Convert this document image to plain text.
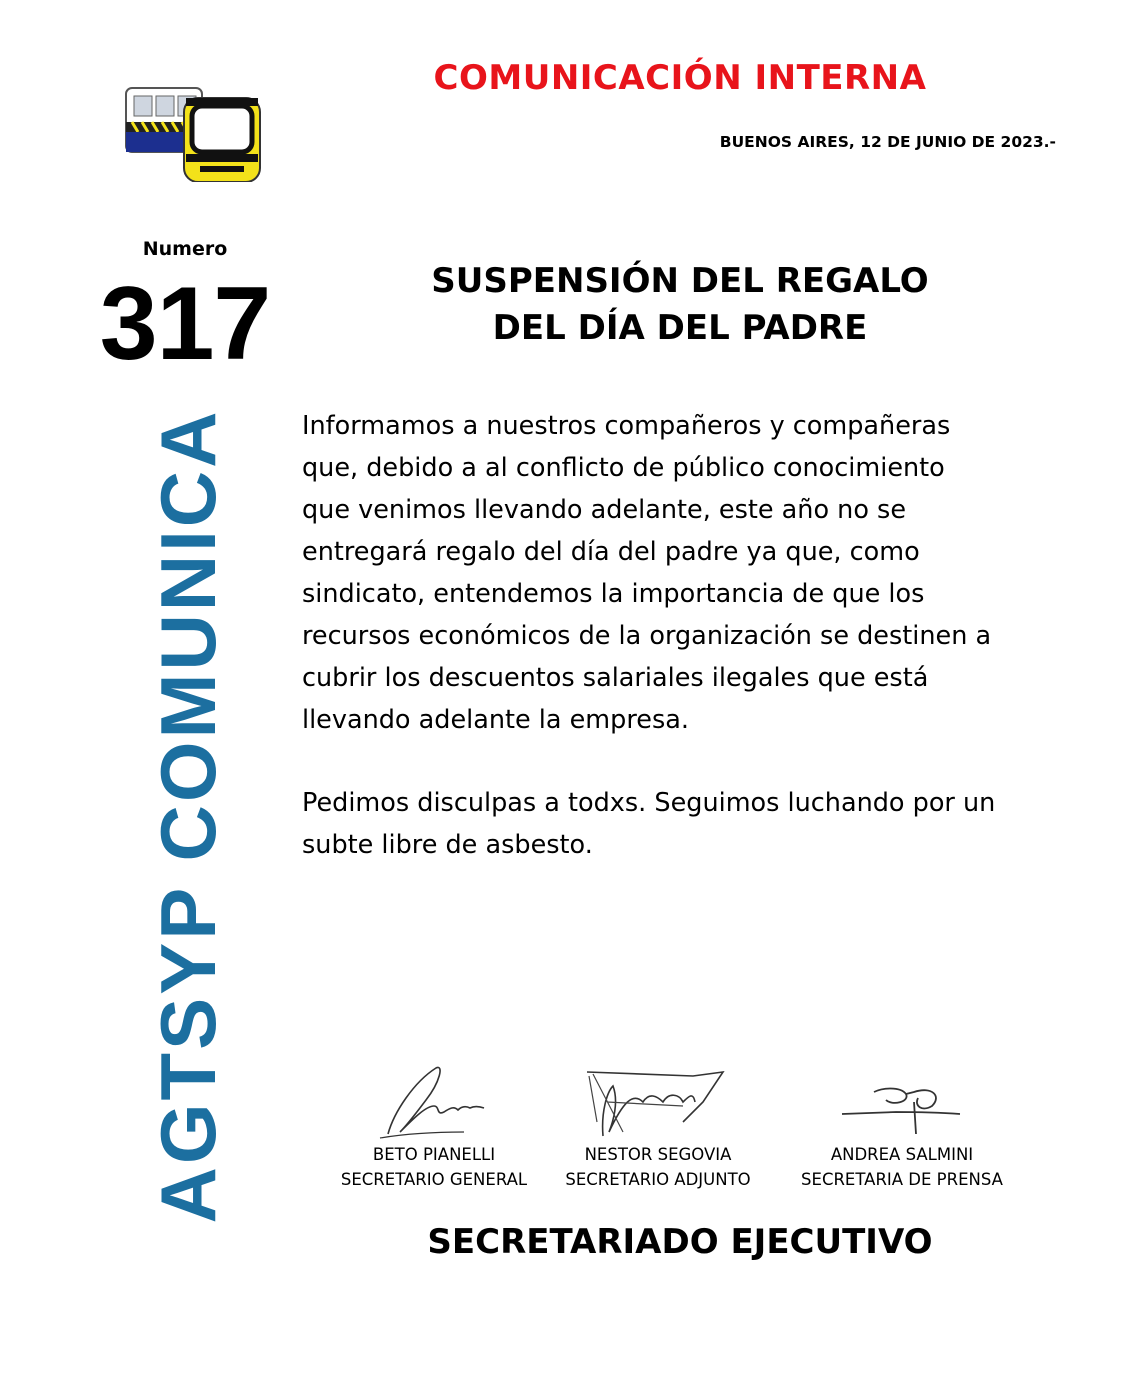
COMUNICACIÓN INTERNA
BUENOS AIRES, 12 DE JUNIO DE 2023.-
Numero
317
AGTSYP COMUNICA
SUSPENSIÓN DEL REGALO
DEL DÍA DEL PADRE
Informamos a nuestros compañeros y compañeras
que, debido a al conflicto de público conocimiento
que venimos llevando adelante, este año no se
entregará regalo del día del padre ya que, como
sindicato, entendemos la importancia de que los
recursos económicos de la organización se destinen a
cubrir los descuentos salariales ilegales que está
llevando adelante la empresa.
Pedimos disculpas a todxs. Seguimos luchando por un
subte libre de asbesto.
BETO PIANELLI
SECRETARIO GENERAL
NESTOR SEGOVIA
SECRETARIO ADJUNTO
ANDREA SALMINI
SECRETARIA DE PRENSA
SECRETARIADO EJECUTIVO
